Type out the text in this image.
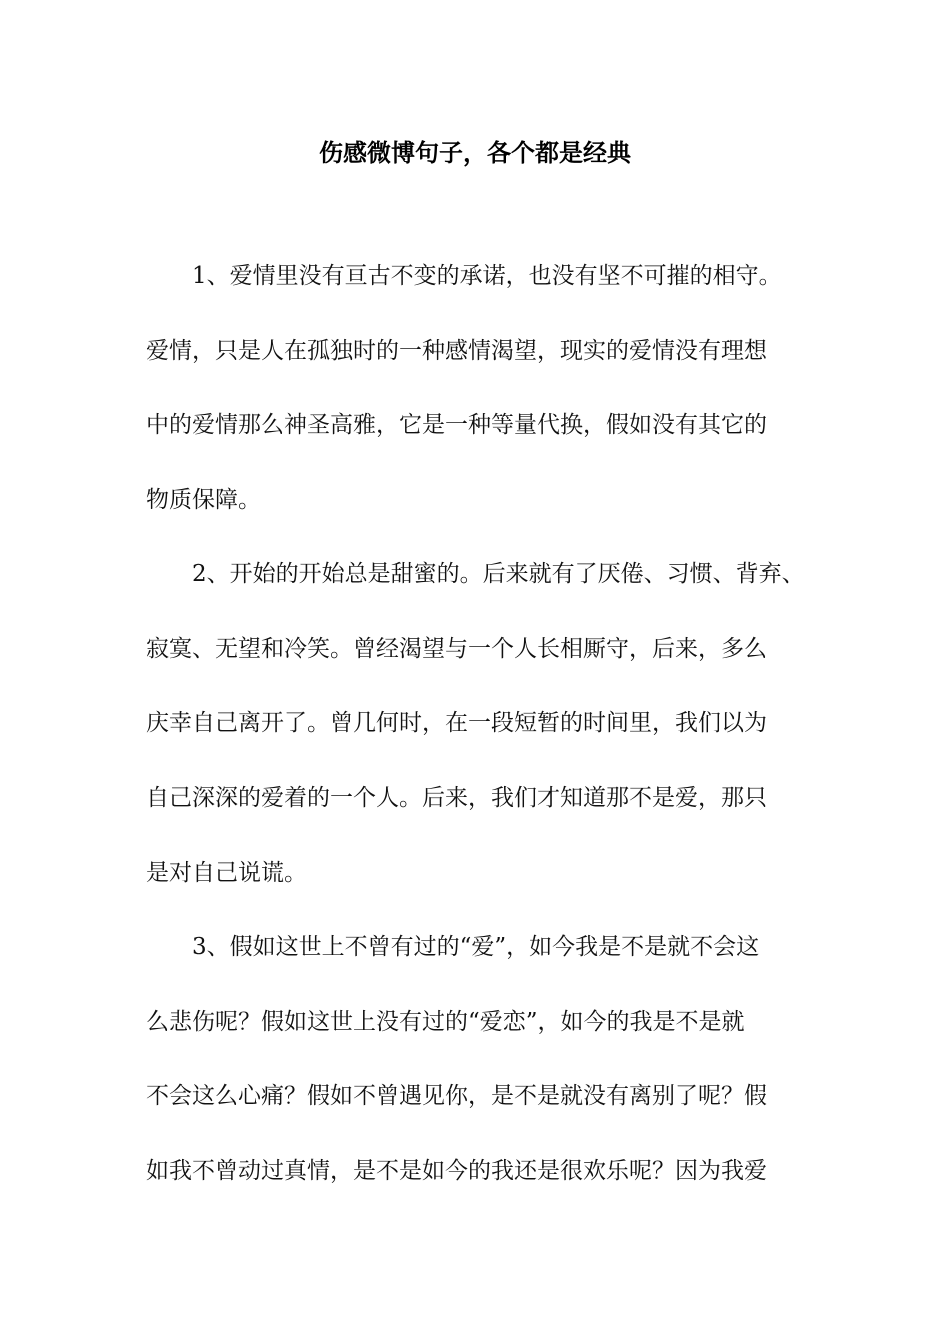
伤感微博句子，各个都是经典

1、爱情里没有亘古不变的承诺，也没有坚不可摧的相守。

爱情，只是人在孤独时的一种感情渴望，现实的爱情没有理想

中的爱情那么神圣高雅，它是一种等量代换，假如没有其它的

物质保障。

2、开始的开始总是甜蜜的。后来就有了厌倦、习惯、背弃、

寂寞、无望和冷笑。曾经渴望与一个人长相厮守，后来，多么

庆幸自己离开了。曾几何时，在一段短暂的时间里，我们以为

自己深深的爱着的一个人。后来，我们才知道那不是爱，那只

是对自己说谎。

3、假如这世上不曾有过的“爱”，如今我是不是就不会这

么悲伤呢？假如这世上没有过的“爱恋”，如今的我是不是就

不会这么心痛？假如不曾遇见你，是不是就没有离别了呢？假

如我不曾动过真情，是不是如今的我还是很欢乐呢？因为我爱
